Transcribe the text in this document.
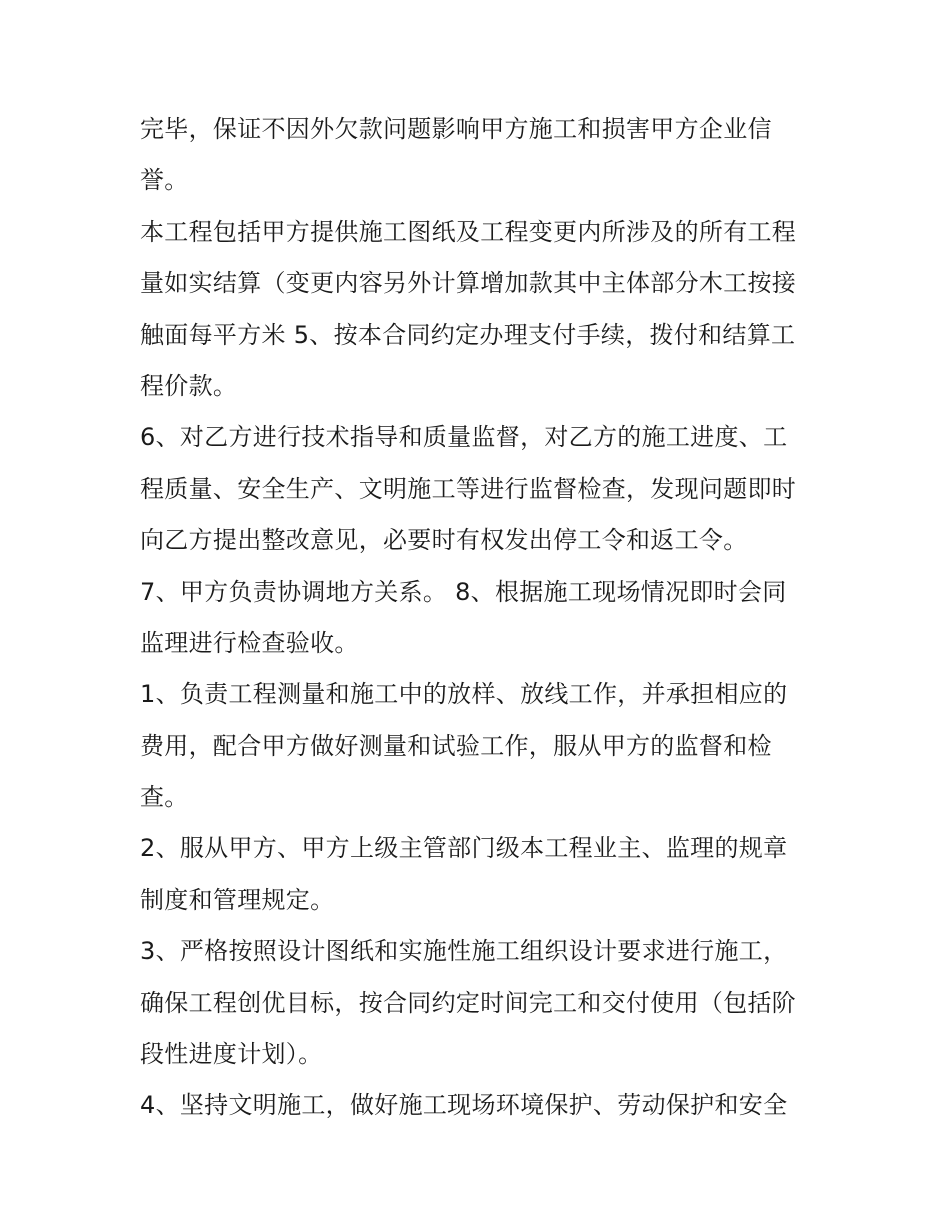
完毕，保证不因外欠款问题影响甲方施工和损害甲方企业信
誉。
本工程包括甲方提供施工图纸及工程变更内所涉及的所有工程
量如实结算（变更内容另外计算增加款其中主体部分木工按接
触面每平方米 5、按本合同约定办理支付手续，拨付和结算工
程价款。
6、对乙方进行技术指导和质量监督，对乙方的施工进度、工
程质量、安全生产、文明施工等进行监督检查，发现问题即时
向乙方提出整改意见，必要时有权发出停工令和返工令。
7、甲方负责协调地方关系。 8、根据施工现场情况即时会同
监理进行检查验收。
1、负责工程测量和施工中的放样、放线工作，并承担相应的
费用，配合甲方做好测量和试验工作，服从甲方的监督和检
查。
2、服从甲方、甲方上级主管部门级本工程业主、监理的规章
制度和管理规定。
3、严格按照设计图纸和实施性施工组织设计要求进行施工，
确保工程创优目标，按合同约定时间完工和交付使用（包括阶
段性进度计划）。
4、坚持文明施工，做好施工现场环境保护、劳动保护和安全
